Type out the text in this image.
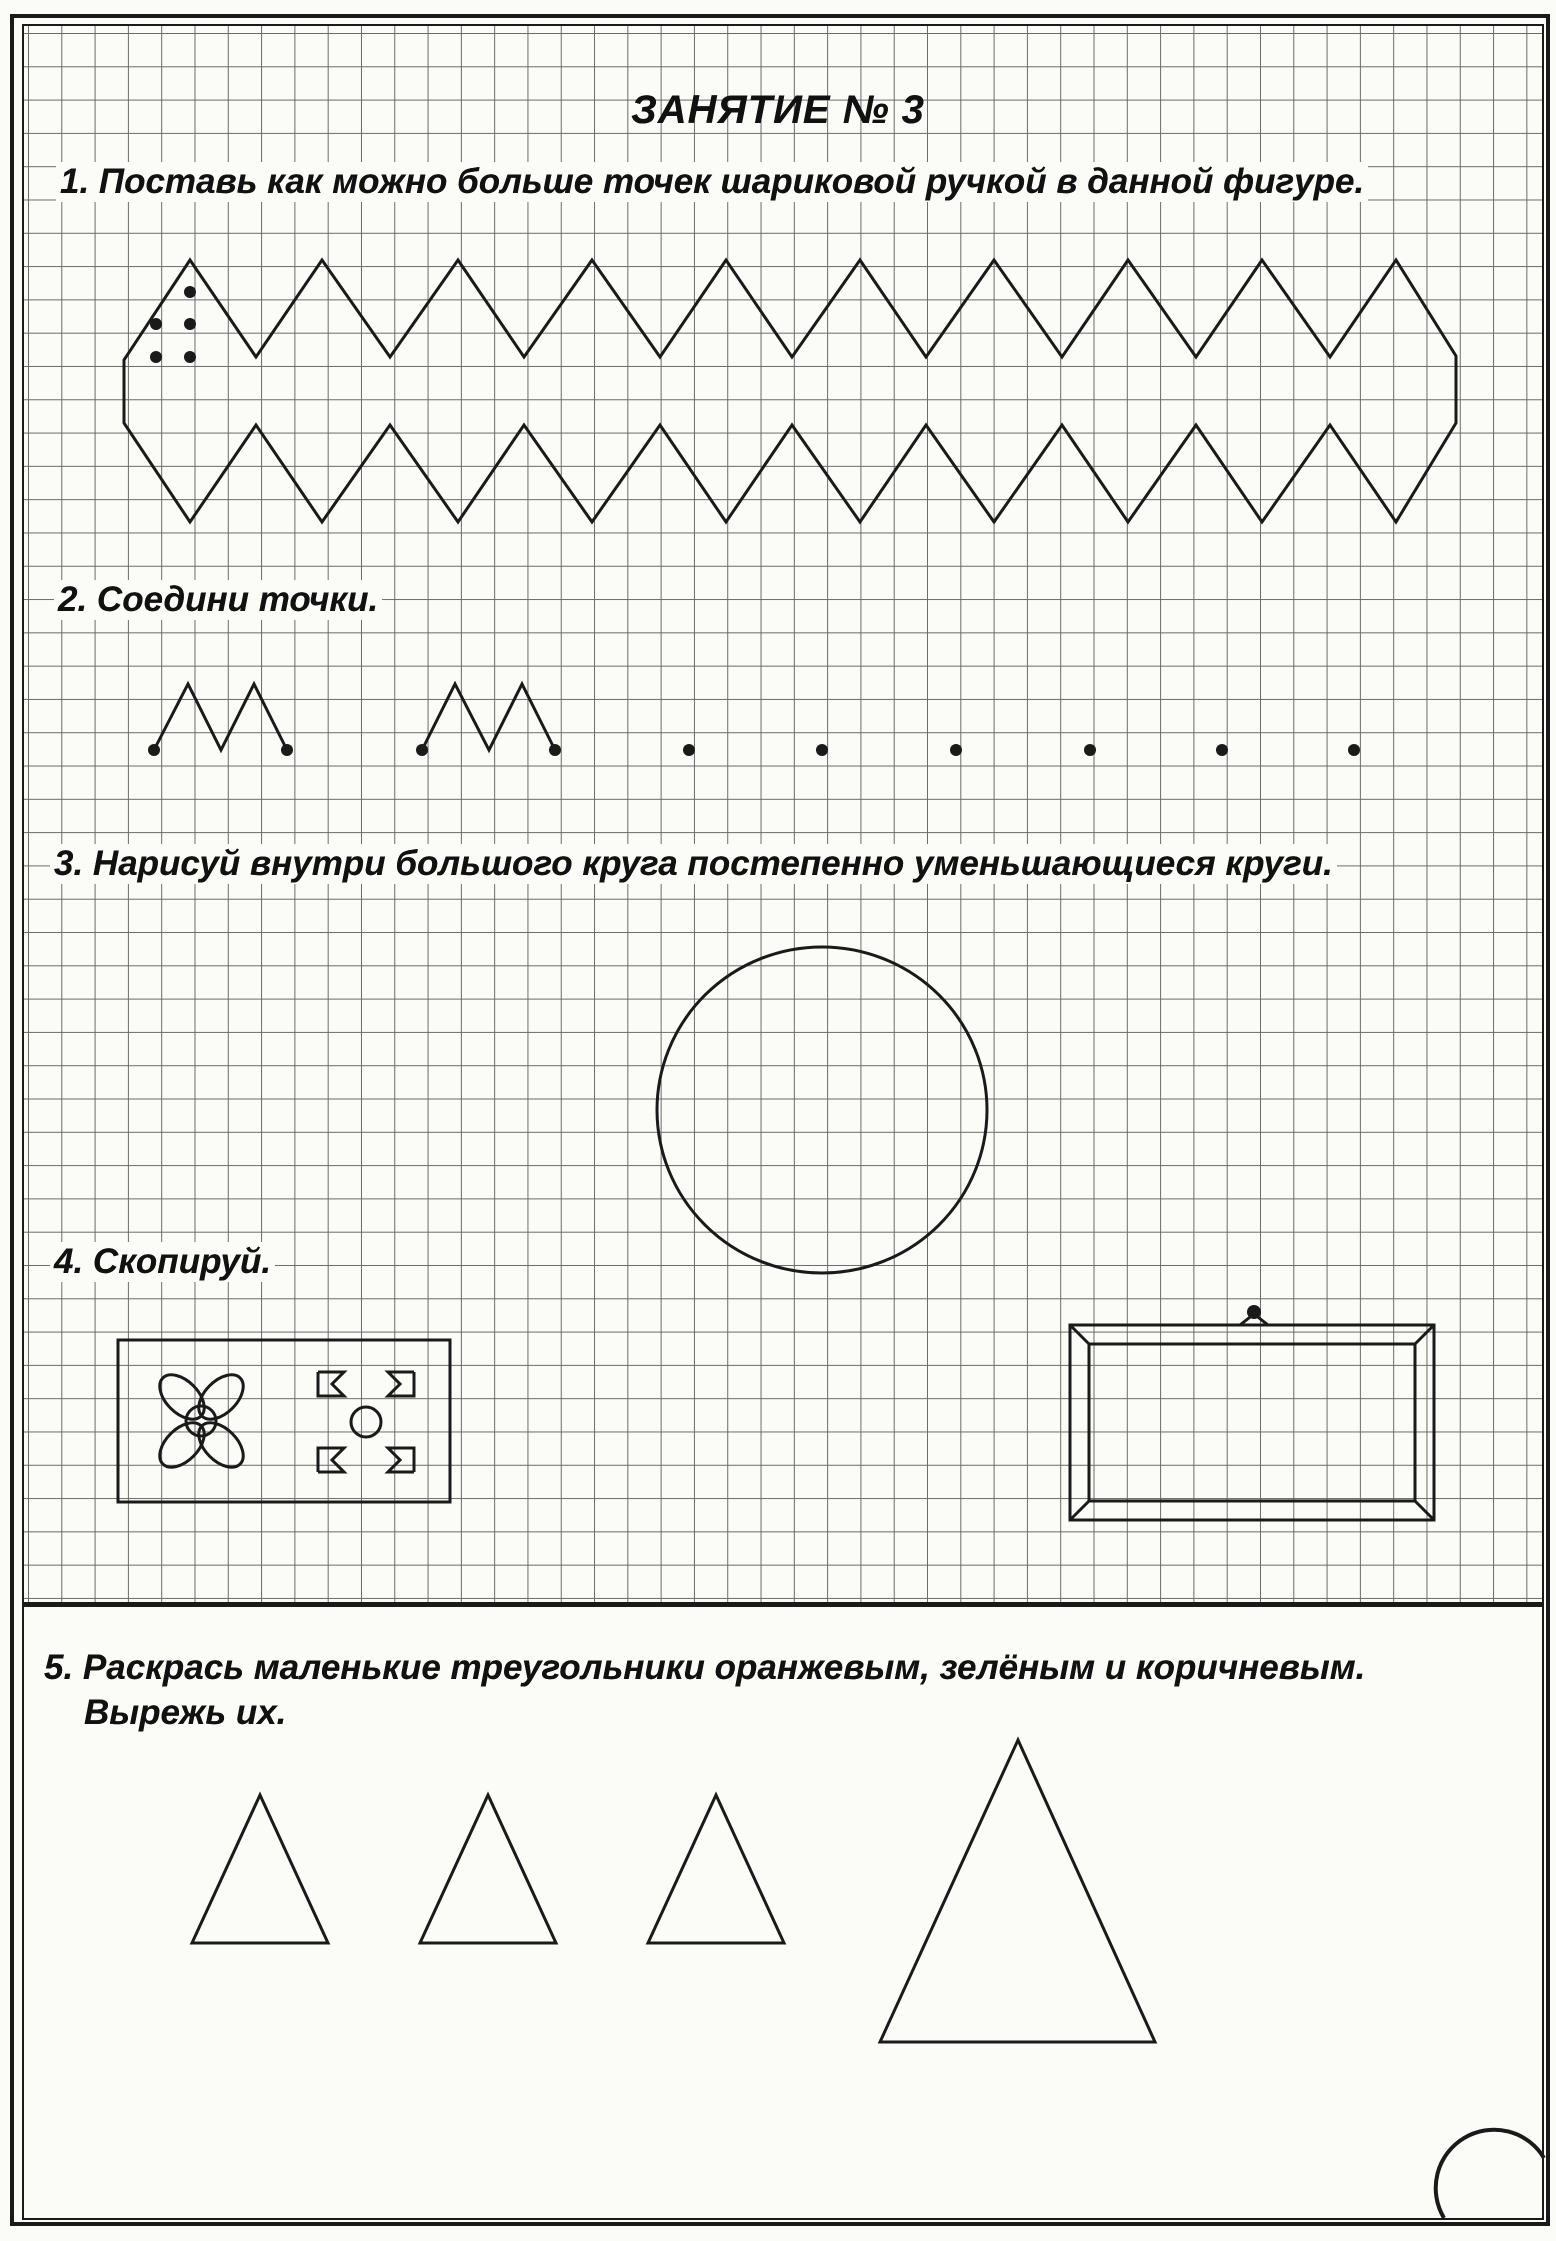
ЗАНЯТИЕ № 3
1. Поставь как можно больше точек шариковой ручкой в данной фигуре.
2. Соедини точки.
3. Нарисуй внутри большого круга постепенно уменьшающиеся круги.
4. Скопируй.
5. Раскрась маленькие треугольники оранжевым, зелёным и коричневым.
Вырежь их.
